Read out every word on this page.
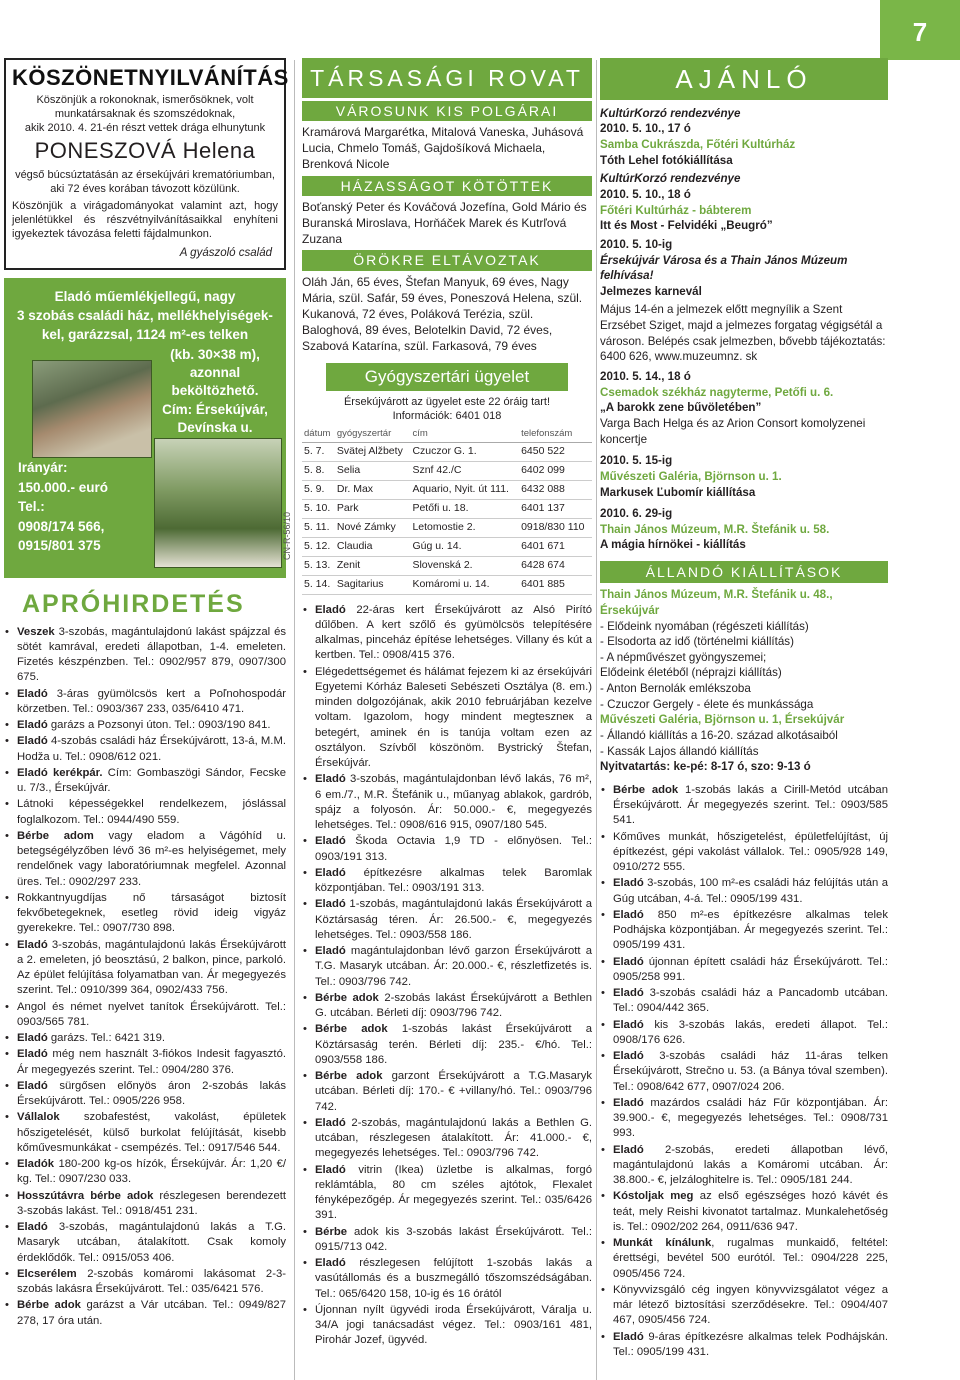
7
KÖSZÖNETNYILVÁNÍTÁS
Köszönjük a rokonoknak, ismerősöknek, volt munkatársaknak és szomszédoknak,
akik 2010. 4. 21-én részt vettek drága elhunytunk
PONESZOVÁ Helena
végső búcsúztatásán az érsekújvári krematóriumban,
aki 72 éves korában távozott közülünk.
Köszönjük a virágadományokat valamint azt, hogy jelenlétükkel és részvétnyilvánításaikkal enyhíteni igyekeztek távozása feletti fájdalmunkon.
A gyászoló család
Eladó műemlékjellegű, nagy
3 szobás családi ház, mellékhelyiségek-
kel, garázzsal, 1124 m²-es telken
(kb. 30×38 m),
azonnal
beköltözhető.
Cím: Érsekújvár,
Devínska u.
Irányár:
150.000.- euró
Tel.:
0908/174 566,
0915/801 375
APRÓHIRDETÉS
• Veszek 3-szobás, magántulajdonú lakást spájzzal és sötét kamrával, eredeti állapotban, 1-4. emeleten. Fizetés készpénzben. Tel.: 0902/957 879, 0907/300 675.
• Eladó 3-áras gyümölcsös kert a Poľnohospodár körzetben. Tel.: 0903/367 233, 035/6410 471.
• Eladó garázs a Pozsonyi úton. Tel.: 0903/190 841.
• Eladó 4-szobás családi ház Érsekújvárott, 13-á, M.M. Hodža u. Tel.: 0908/612 021.
• Eladó kerékpár. Cím: Gombaszögi Sándor, Fecske u. 7/3., Érsekújvár.
• Látnoki képességekkel rendelkezem, jóslással foglalkozom. Tel.: 0944/490 559.
• Bérbe adom vagy eladom a Vágóhíd u. betegségélyzőben lévő 36 m²-es helyiségemet, mely rendelőnek vagy laboratóriumnak megfelel. Azonnal üres. Tel.: 0902/297 233.
• Rokkantnyugdíjas nő társaságot biztosít fekvőbetegeknek, esetleg rövid ideig vigyáz gyerekekre. Tel.: 0907/730 898.
• Eladó 3-szobás, magántulajdonú lakás Érsekújvárott a 2. emeleten, jó beosztású, 2 balkon, pince, parkoló. Az épület felújítása folyamatban van. Ár megegyezés szerint. Tel.: 0910/399 364, 0902/433 756.
• Angol és német nyelvet tanítok Érsekújvárott. Tel.: 0903/565 781.
• Eladó garázs. Tel.: 6421 319.
• Eladó még nem használt 3-fiókos Indesit fagyasztó. Ár megegyezés szerint. Tel.: 0904/280 376.
• Eladó sürgősen előnyös áron 2-szobás lakás Érsekújvárott. Tel.: 0905/226 958.
• Vállalok szobafestést, vakolást, épületek hőszigetelését, külső burkolat felújítását, kisebb kőművesmunkákat - csempézés. Tel.: 0917/546 544.
• Eladók 180-200 kg-os hízók, Érsekújvár. Ár: 1,20 €/ kg. Tel.: 0907/230 033.
• Hosszútávra bérbe adok részlegesen berendezett 3-szobás lakást. Tel.: 0918/451 231.
• Eladó 3-szobás, magántulajdonú lakás a T.G. Masaryk utcában, átalakított. Csak komoly érdeklődők. Tel.: 0915/053 406.
• Elcserélem 2-szobás komáromi lakásomat 2-3-szobás lakásra Érsekújvárott. Tel.: 035/6421 576.
• Bérbe adok garázst a Vár utcában. Tel.: 0949/827 278, 17 óra után.
CN-R-56/10
TÁRSASÁGI ROVAT
VÁROSUNK KIS POLGÁRAI
Kramárová Margarétka, Mitalová Vaneska, Juhásová Lucia, Chmelo Tomáš, Gajdošíková Michaela, Brenková Nicole
HÁZASSÁGOT KÖTÖTTEK
Boťanský Peter és Kováčová Jozefína, Gold Mário és Buranská Miroslava, Horňáček Marek és Kutrľová Zuzana
ÖRÖKRE ELTÁVOZTAK
Oláh Ján, 65 éves, Štefan Manyuk, 69 éves, Nagy Mária, szül. Safár, 59 éves, Poneszová Helena, szül. Kukanová, 72 éves, Poláková Terézia, szül. Baloghová, 89 éves, Belotelkin David, 72 éves, Szabová Katarína, szül. Farkasová, 79 éves
Gyógyszertári ügyelet
Érsekújvárott az ügyelet este 22 óráig tart!
Információk: 6401 018
dátum	gyógyszertár	cím	telefonszám
5. 7.	Svätej Alžbety	Czuczor G. 1.	6450 522
5. 8.	Selia	Sznf 42./C	6402 099
5. 9.	Dr. Max	Aquario, Nyit. út 111.	6432 088
5. 10.	Park	Petőfi u. 18.	6401 137
5. 11.	Nové Zámky	Letomostie 2.	0918/830 110
5. 12.	Claudia	Gúg u. 14.	6401 671
5. 13.	Zenit	Slovenská 2.	6428 674
5. 14.	Sagitarius	Komáromi u. 14.	6401 885
• Eladó 22-áras kert Érsekújvárott az Alsó Pirító dűlőben. A kert szőlő és gyümölcsös telepítésére alkalmas, pinceház építése lehetséges. Villany és kút a kertben. Tel.: 0908/415 376.
• Elégedettségemet és hálámat fejezem ki az érsekújvári Egyetemi Kórház Baleseti Sebészeti Osztálya (8. em.) minden dolgozójának, akik 2010 februárjában kezelve voltam. Igazolom, hogy mindent megteszneк a betegért, aminek én is tanúja voltam ezen az osztályon. Szívből köszönöm. Bystrický Štefan, Érsekújvár.
• Eladó 3-szobás, magántulajdonban lévő lakás, 76 m², 6 em./7., M.R. Štefánik u., műanyag ablakok, gardrób, spájz a folyosón. Ár: 50.000.- €, megegyezés lehetséges. Tel.: 0908/616 915, 0907/180 545.
• Eladó Škoda Octavia 1,9 TD - előnyösen. Tel.: 0903/191 313.
• Eladó építkezésre alkalmas telek Baromlak központjában. Tel.: 0903/191 313.
• Eladó 1-szobás, magántulajdonú lakás Érsekújvárott a Köztársaság téren. Ár: 26.500.- €, megegyezés lehetséges. Tel.: 0903/558 186.
• Eladó magántulajdonban lévő garzon Érsekújvárott a T.G. Masaryk utcában. Ár: 20.000.- €, részletfizetés is. Tel.: 0903/796 742.
• Bérbe adok 2-szobás lakást Érsekújvárott a Bethlen G. utcában. Bérleti díj: 0903/796 742.
• Bérbe adok 1-szobás lakást Érsekújvárott a Köztársaság terén. Bérleti díj: 235.- €/hó. Tel.: 0903/558 186.
• Bérbe adok garzont Érsekújvárott a T.G.Masaryk utcában. Bérleti díj: 170.- € +villany/hó. Tel.: 0903/796 742.
• Eladó 2-szobás, magántulajdonú lakás a Bethlen G. utcában, részlegesen átalakított. Ár: 41.000.- €, megegyezés lehetséges. Tel.: 0903/796 742.
• Eladó vitrin (Ikea) üzletbe is alkalmas, forgó reklámtábla, 80 cm széles ajtótok, Flexalet fényképezőgép. Ár megegyezés szerint. Tel.: 035/6426 391.
• Bérbe adok kis 3-szobás lakást Érsekújvárott. Tel.: 0915/713 042.
• Eladó részlegesen felújított 1-szobás lakás a vasútállomás és a buszmegálló tőszomszédságában. Tel.: 065/6420 158, 10-ig és 16 órától
• Újonnan nyílt ügyvédi iroda Érsekújvárott, Váralja u. 34/A jogi tanácsadást végez. Tel.: 0903/161 481, Pirohár Jozef, ügyvéd.
AJÁNLÓ
KultúrKorzó rendezvénye
2010. 5. 10., 17 ó
Samba Cukrászda, Főtéri Kultúrház
Tóth Lehel fotókiállítása
KultúrKorzó rendezvénye
2010. 5. 10., 18 ó
Főtéri Kultúrház - bábterem
Itt és Most - Felvidéki „Beugró”
2010. 5. 10-ig
Érsekújvár Városa és a Thain János Múzeum felhívása!
Jelmezes karnevál
Május 14-én a jelmezek előtt megnyílik a Szent Erzsébet Sziget, majd a jelmezes forgatag végigsétál a városon. Belépés csak jelmezben, bővebb tájékoztatás: 6400 626, www.muzeumnz. sk
2010. 5. 14., 18 ó
Csemadok székház nagyterme, Petőfi u. 6.
„A barokk zene bűvöletében”
Varga Bach Helga és az Arion Consort komolyzenei koncertje
2010. 5. 15-ig
Művészeti Galéria, Björnson u. 1.
Markusek Ľubomír kiállítása
2010. 6. 29-ig
Thain János Múzeum, M.R. Štefánik u. 58.
A mágia hírnökei - kiállítás
ÁLLANDÓ KIÁLLÍTÁSOK
Thain János Múzeum, M.R. Štefánik u. 48., Érsekújvár
- Elődeink nyomában (régészeti kiállítás)
- Elsodorta az idő (történelmi kiállítás)
- A népművészet gyöngyszemei;
Elődeink életéből (néprajzi kiállítás)
- Anton Bernolák emlékszoba
- Czuczor Gergely - élete és munkássága
Művészeti Galéria, Björnson u. 1, Érsekújvár
- Állandó kiállítás a 16-20. század alkotásaiból
- Kassák Lajos állandó kiállítás
Nyitvatartás: ke-pé: 8-17 ó, szo: 9-13 ó
• Bérbe adok 1-szobás lakás a Cirill-Metód utcában Érsekújvárott. Ár megegyezés szerint. Tel.: 0903/585 541.
• Kőműves munkát, hőszigetelést, épületfelújítást, új építkezést, gépi vakolást vállalok. Tel.: 0905/928 149, 0910/272 555.
• Eladó 3-szobás, 100 m²-es családi ház felújítás után a Gúg utcában, 4-á. Tel.: 0905/199 431.
• Eladó 850 m²-es építkezésre alkalmas telek Podhájska központjában. Ár megegyezés szerint. Tel.: 0905/199 431.
• Eladó újonnan épített családi ház Érsekújvárott. Tel.: 0905/258 991.
• Eladó 3-szobás családi ház a Pancadomb utcában. Tel.: 0904/442 365.
• Eladó kis 3-szobás lakás, eredeti állapot. Tel.: 0908/176 626.
• Eladó 3-szobás családi ház 11-áras telken Érsekújvárott, Strečno u. 53. (a Bánya tóval szemben). Tel.: 0908/642 677, 0907/024 206.
• Eladó mazárdos családi ház Fűr központjában. Ár: 39.900.- €, megegyezés lehetséges. Tel.: 0908/731 993.
• Eladó 2-szobás, eredeti állapotban lévő, magántulajdonú lakás a Komáromi utcában. Ár: 38.800.- €, jelzáloghitelre is. Tel.: 0905/181 244.
• Kóstoljak meg az első egészséges hozó kávét és teát, mely Reishi kivonatot tartalmaz. Munkalehetőség is. Tel.: 0902/202 264, 0911/636 947.
• Munkát kínálunk, rugalmas munkaidő, feltétel: érettségi, bevétel 500 eurótól. Tel.: 0904/228 225, 0905/456 724.
• Könyvvizsgáló cég ingyen könyvvizsgálatot végez a már létező biztosítási szerződésekre. Tel.: 0904/407 467, 0905/456 724.
• Eladó 9-áras építkezésre alkalmas telek Podhájskán. Tel.: 0905/199 431.
